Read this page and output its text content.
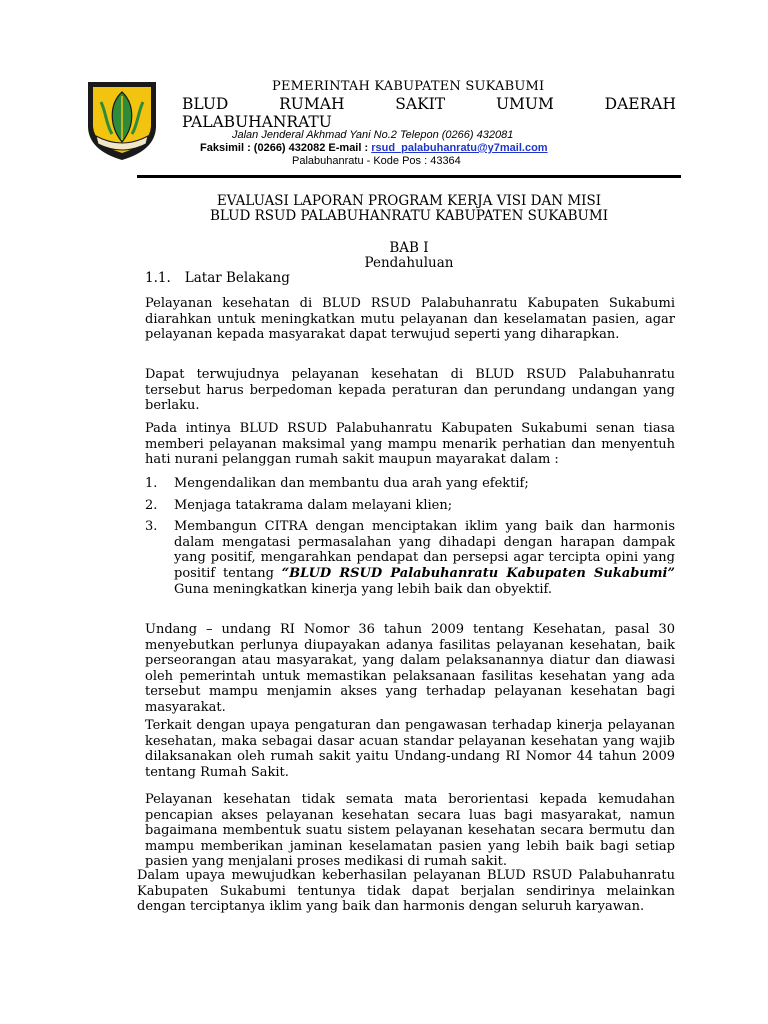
PEMERINTAH KABUPATEN SUKABUMI
BLUD	RUMAH	SAKIT	UMUM	DAERAH
PALABUHANRATU
Jalan Jenderal Akhmad Yani No.2 Telepon (0266) 432081
Faksimil : (0266) 432082 E-mail : rsud_palabuhanratu@y7mail.com
Palabuhanratu - Kode Pos : 43364
EVALUASI LAPORAN PROGRAM KERJA VISI DAN MISI
BLUD RSUD PALABUHANRATU KABUPATEN SUKABUMI
BAB I
Pendahuluan
1.1. Latar Belakang
Pelayanan kesehatan di BLUD RSUD Palabuhanratu Kabupaten Sukabumi diarahkan untuk meningkatkan mutu pelayanan dan keselamatan pasien, agar pelayanan kepada masyarakat dapat terwujud seperti yang diharapkan.
Dapat terwujudnya pelayanan kesehatan di BLUD RSUD Palabuhanratu tersebut harus berpedoman kepada peraturan dan perundang undangan yang berlaku.
Pada intinya BLUD RSUD Palabuhanratu Kabupaten Sukabumi senan tiasa memberi pelayanan maksimal yang mampu menarik perhatian dan menyentuh hati nurani pelanggan rumah sakit maupun mayarakat dalam :
1.	Mengendalikan dan membantu dua arah yang efektif;
2.	Menjaga tatakrama dalam melayani klien;
3.	Membangun CITRA dengan menciptakan iklim yang baik dan harmonis dalam mengatasi permasalahan yang dihadapi dengan harapan dampak yang positif, mengarahkan pendapat dan persepsi agar tercipta opini yang positif tentang “BLUD RSUD Palabuhanratu Kabupaten Sukabumi” Guna meningkatkan kinerja yang lebih baik dan obyektif.
Undang – undang RI Nomor 36 tahun 2009 tentang Kesehatan, pasal 30 menyebutkan perlunya diupayakan adanya fasilitas pelayanan kesehatan, baik perseorangan atau masyarakat, yang dalam pelaksanannya diatur dan diawasi oleh pemerintah untuk memastikan pelaksanaan fasilitas kesehatan yang ada tersebut mampu menjamin akses yang terhadap pelayanan kesehatan bagi masyarakat.
Terkait dengan upaya pengaturan dan pengawasan terhadap kinerja pelayanan kesehatan, maka sebagai dasar acuan standar pelayanan kesehatan yang wajib dilaksanakan oleh rumah sakit yaitu Undang-undang RI Nomor 44 tahun 2009 tentang Rumah Sakit.
Pelayanan kesehatan tidak semata mata berorientasi kepada kemudahan pencapian akses pelayanan kesehatan secara luas bagi masyarakat, namun bagaimana membentuk suatu sistem pelayanan kesehatan secara bermutu dan mampu memberikan jaminan keselamatan pasien yang lebih baik bagi setiap pasien yang menjalani proses medikasi di rumah sakit.
Dalam upaya mewujudkan keberhasilan pelayanan BLUD RSUD Palabuhanratu Kabupaten Sukabumi tentunya tidak dapat berjalan sendirinya melainkan dengan terciptanya iklim yang baik dan harmonis dengan seluruh karyawan.
